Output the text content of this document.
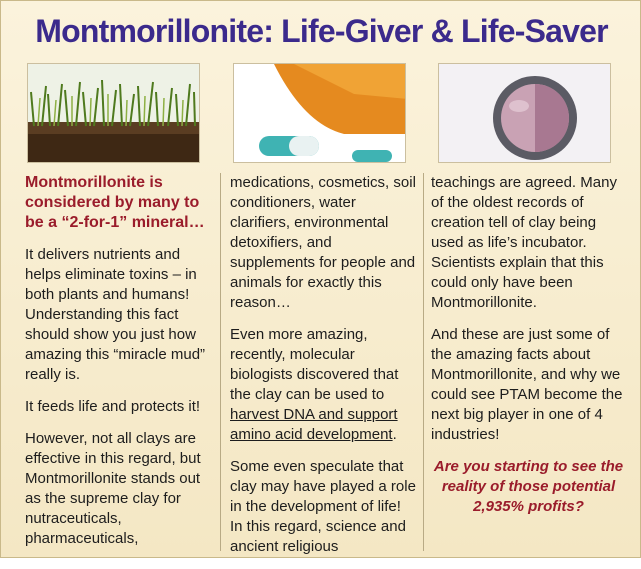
Montmorillonite: Life-Giver & Life-Saver

Montmorillonite is considered by many to be a “2-for-1” mineral…

It delivers nutrients and helps eliminate toxins – in both plants and humans! Understanding this fact should show you just how amazing this “miracle mud” really is.

It feeds life and protects it!

However, not all clays are effective in this regard, but Montmorillonite stands out as the supreme clay for nutraceuticals, pharmaceuticals,

medications, cosmetics, soil conditioners, water clarifiers, environmental detoxifiers, and supplements for people and animals for exactly this reason…

Even more amazing, recently, molecular biologists discovered that the clay can be used to harvest DNA and support amino acid development.

Some even speculate that clay may have played a role in the development of life! In this regard, science and ancient religious

teachings are agreed. Many of the oldest records of creation tell of clay being used as life’s incubator. Scientists explain that this could only have been Montmorillonite.

And these are just some of the amazing facts about Montmorillonite, and why we could see PTAM become the next big player in one of 4 industries!

Are you starting to see the reality of those potential 2,935% profits?
